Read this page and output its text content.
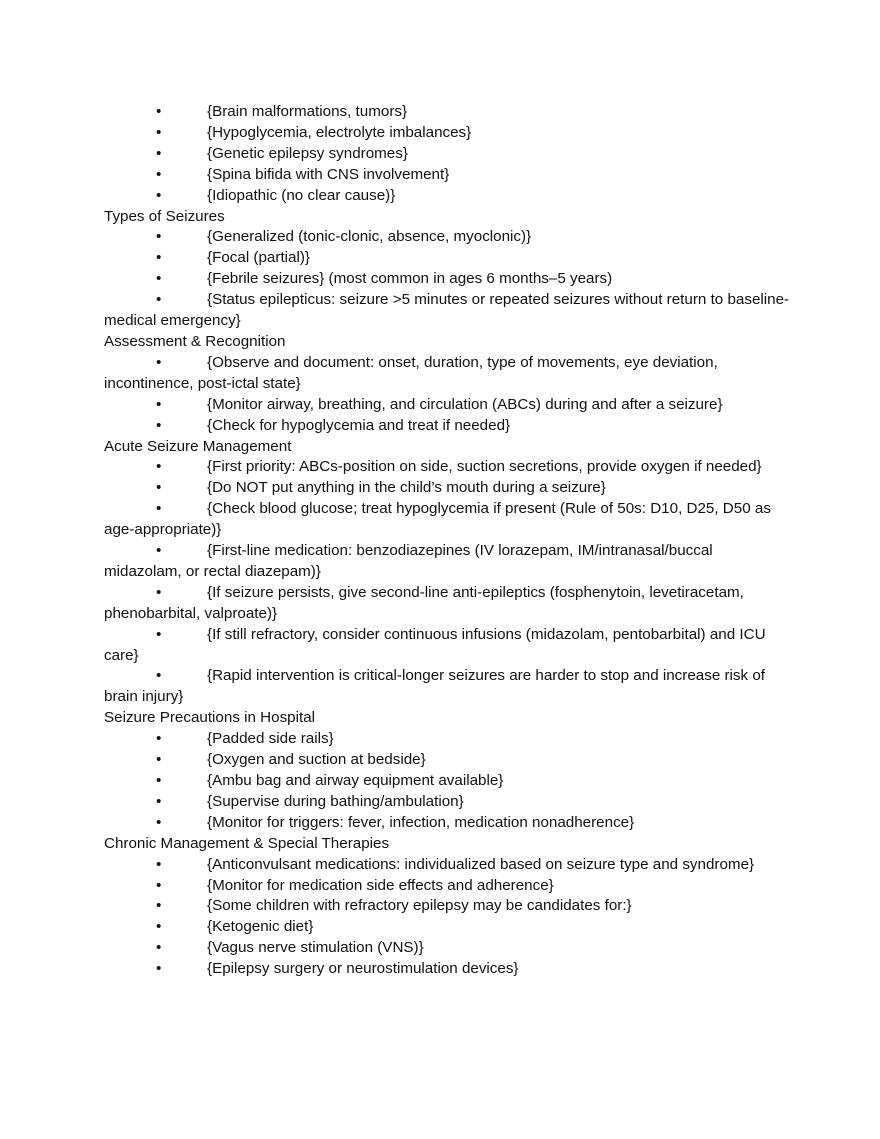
•	{Brain malformations, tumors}

•	{Hypoglycemia, electrolyte imbalances}

•	{Genetic epilepsy syndromes}

•	{Spina bifida with CNS involvement}

•	{Idiopathic (no clear cause)}

Types of Seizures

•	{Generalized (tonic-clonic, absence, myoclonic)}

•	{Focal (partial)}

•	{Febrile seizures} (most common in ages 6 months–5 years)

•	{Status epilepticus: seizure >5 minutes or repeated seizures without return to baseline-medical emergency}

Assessment & Recognition

•	{Observe and document: onset, duration, type of movements, eye deviation, incontinence, post-ictal state}

•	{Monitor airway, breathing, and circulation (ABCs) during and after a seizure}

•	{Check for hypoglycemia and treat if needed}

Acute Seizure Management

•	{First priority: ABCs-position on side, suction secretions, provide oxygen if needed}

•	{Do NOT put anything in the child’s mouth during a seizure}

•	{Check blood glucose; treat hypoglycemia if present (Rule of 50s: D10, D25, D50 as age-appropriate)}

•	{First-line medication: benzodiazepines (IV lorazepam, IM/intranasal/buccal midazolam, or rectal diazepam)}

•	{If seizure persists, give second-line anti-epileptics (fosphenytoin, levetiracetam, phenobarbital, valproate)}

•	{If still refractory, consider continuous infusions (midazolam, pentobarbital) and ICU care}

•	{Rapid intervention is critical-longer seizures are harder to stop and increase risk of brain injury}

Seizure Precautions in Hospital

•	{Padded side rails}

•	{Oxygen and suction at bedside}

•	{Ambu bag and airway equipment available}

•	{Supervise during bathing/ambulation}

•	{Monitor for triggers: fever, infection, medication nonadherence}

Chronic Management & Special Therapies

•	{Anticonvulsant medications: individualized based on seizure type and syndrome}

•	{Monitor for medication side effects and adherence}

•	{Some children with refractory epilepsy may be candidates for:}

•	{Ketogenic diet}

•	{Vagus nerve stimulation (VNS)}

•	{Epilepsy surgery or neurostimulation devices}
